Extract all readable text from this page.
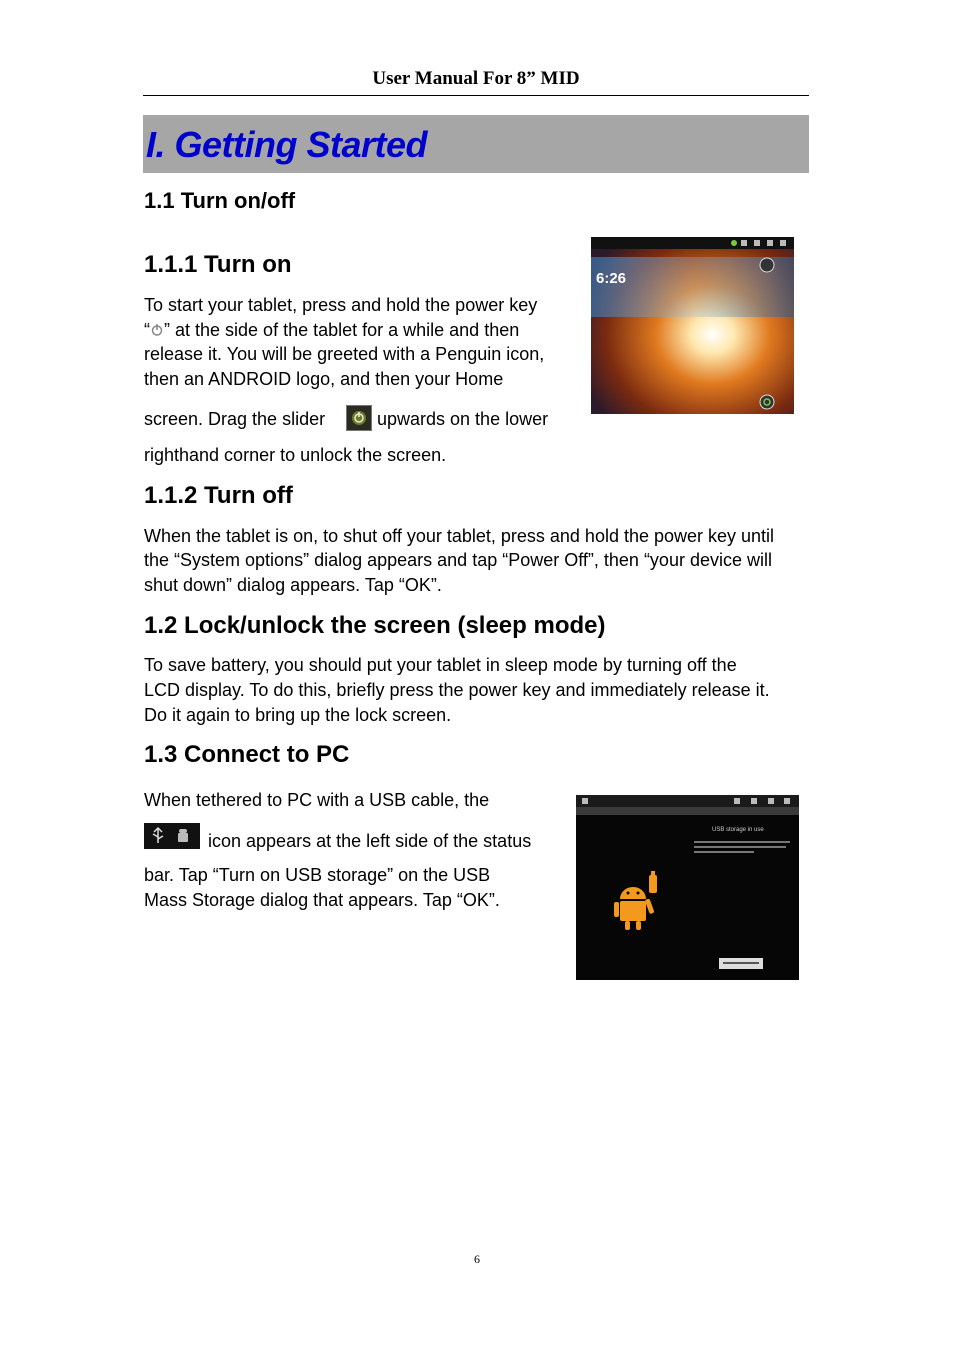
User Manual For 8” MID
I. Getting Started
1.1 Turn on/off
1.1.1 Turn on
To start your tablet, press and hold the power key
“ ” at the side of the tablet for a while and then
release it. You will be greeted with a Penguin icon,
then an ANDROID logo, and then your Home
screen. Drag the slider	upwards on the lower
righthand corner to unlock the screen.
6:26
1.1.2 Turn off
When the tablet is on, to shut off your tablet, press and hold the power key until
the “System options” dialog appears and tap “Power Off”, then “your device will
shut down” dialog appears. Tap “OK”.
1.2 Lock/unlock the screen (sleep mode)
To save battery, you should put your tablet in sleep mode by turning off the
LCD display. To do this, briefly press the power key and immediately release it.
Do it again to bring up the lock screen.
1.3 Connect to PC
When tethered to PC with a USB cable, the
icon appears at the left side of the status
bar. Tap “Turn on USB storage” on the USB
Mass Storage dialog that appears. Tap “OK”.
USB storage in use
6
